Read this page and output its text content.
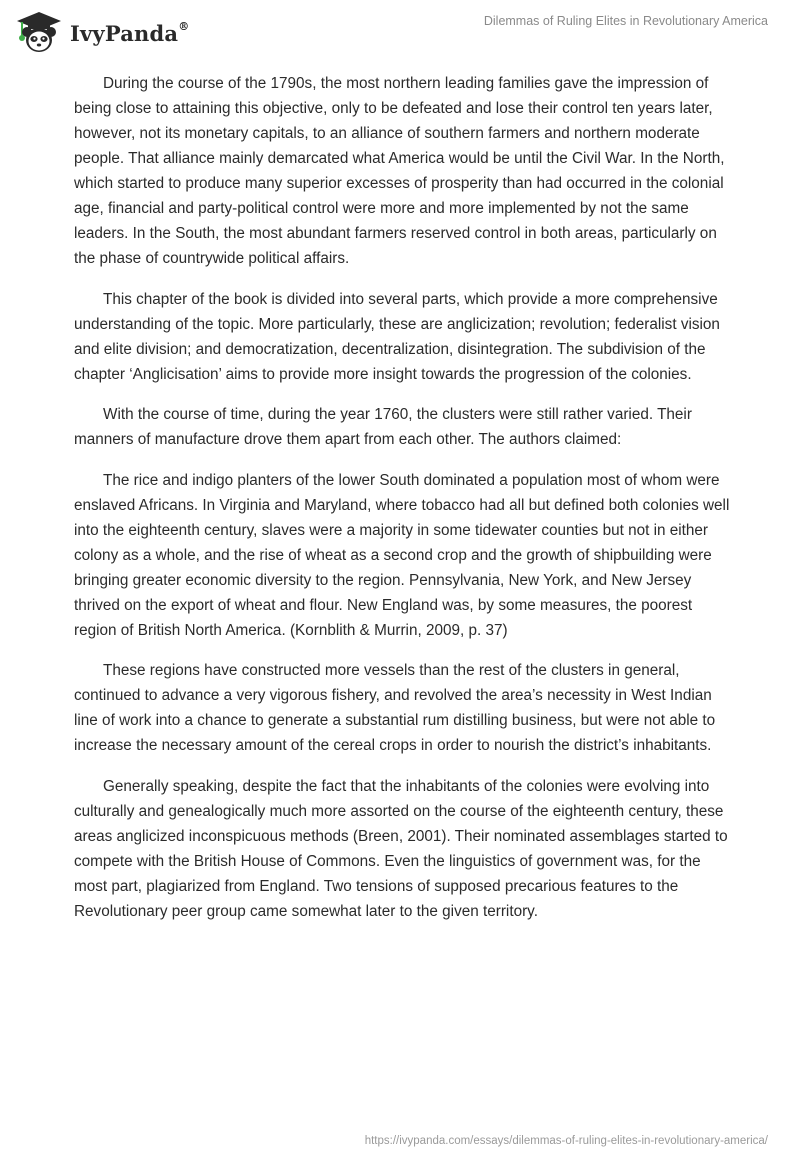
IvyPanda®	Dilemmas of Ruling Elites in Revolutionary America

During the course of the 1790s, the most northern leading families gave the impression of being close to attaining this objective, only to be defeated and lose their control ten years later, however, not its monetary capitals, to an alliance of southern farmers and northern moderate people. That alliance mainly demarcated what America would be until the Civil War. In the North, which started to produce many superior excesses of prosperity than had occurred in the colonial age, financial and party-political control were more and more implemented by not the same leaders. In the South, the most abundant farmers reserved control in both areas, particularly on the phase of countrywide political affairs.

This chapter of the book is divided into several parts, which provide a more comprehensive understanding of the topic. More particularly, these are anglicization; revolution; federalist vision and elite division; and democratization, decentralization, disintegration. The subdivision of the chapter ‘Anglicisation’ aims to provide more insight towards the progression of the colonies.

With the course of time, during the year 1760, the clusters were still rather varied. Their manners of manufacture drove them apart from each other. The authors claimed:

The rice and indigo planters of the lower South dominated a population most of whom were enslaved Africans. In Virginia and Maryland, where tobacco had all but defined both colonies well into the eighteenth century, slaves were a majority in some tidewater counties but not in either colony as a whole, and the rise of wheat as a second crop and the growth of shipbuilding were bringing greater economic diversity to the region. Pennsylvania, New York, and New Jersey thrived on the export of wheat and flour. New England was, by some measures, the poorest region of British North America. (Kornblith & Murrin, 2009, p. 37)

These regions have constructed more vessels than the rest of the clusters in general, continued to advance a very vigorous fishery, and revolved the area’s necessity in West Indian line of work into a chance to generate a substantial rum distilling business, but were not able to increase the necessary amount of the cereal crops in order to nourish the district’s inhabitants.

Generally speaking, despite the fact that the inhabitants of the colonies were evolving into culturally and genealogically much more assorted on the course of the eighteenth century, these areas anglicized inconspicuous methods (Breen, 2001). Their nominated assemblages started to compete with the British House of Commons. Even the linguistics of government was, for the most part, plagiarized from England. Two tensions of supposed precarious features to the Revolutionary peer group came somewhat later to the given territory.

https://ivypanda.com/essays/dilemmas-of-ruling-elites-in-revolutionary-america/
